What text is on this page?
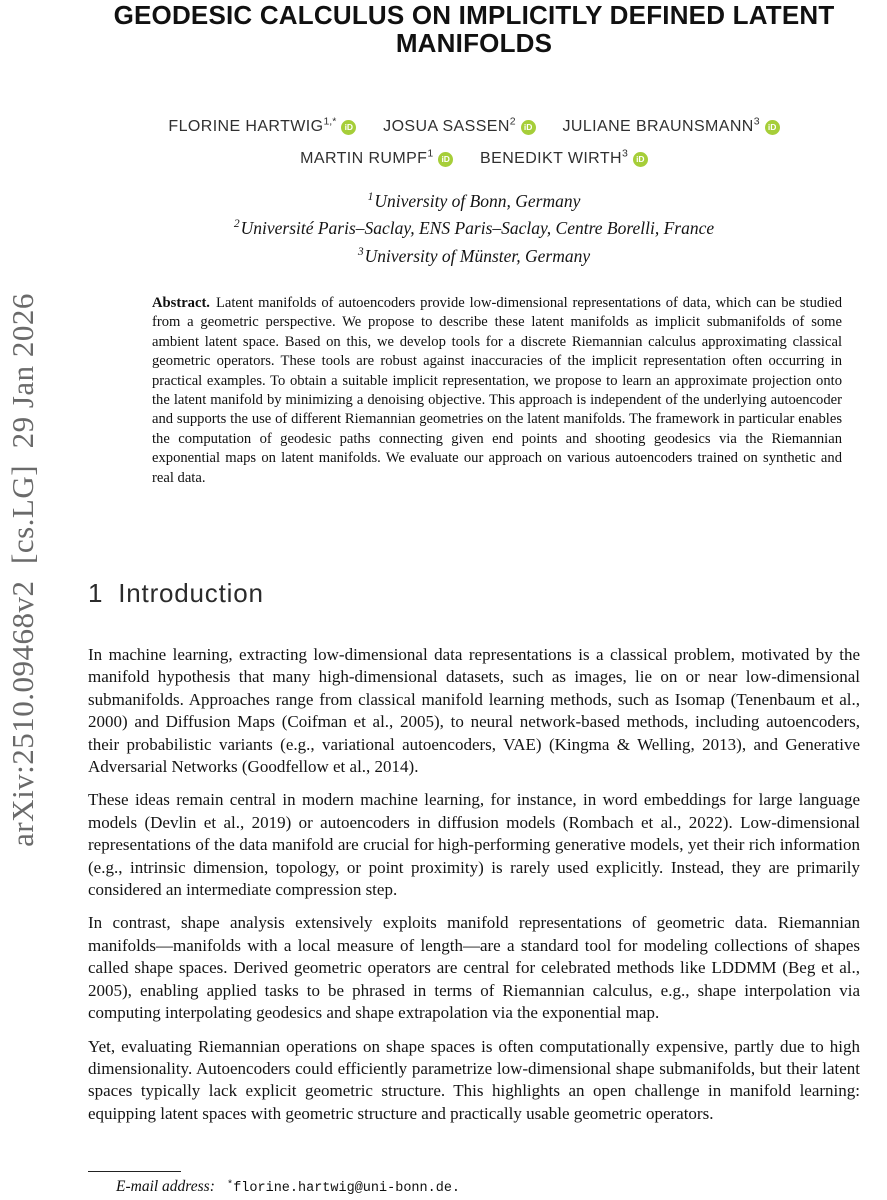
arXiv:2510.09468v2  [cs.LG]  29 Jan 2026
GEODESIC CALCULUS ON IMPLICITLY DEFINED LATENT
MANIFOLDS
FLORINE $HARTWIG^{1,*}$ iD JOSUA SASSEN$^2$ iD JULIANE BRAUNSMANN$^3$ iD
MARTIN RUMPF$^1$ iD BENEDIKT WIRTH$^3$ iD
$^1$University of Bonn, Germany
$^2$Université Paris–Saclay, ENS Paris–Saclay, Centre Borelli, France
$^3$University of Münster, Germany
Abstract. Latent manifolds of autoencoders provide low-dimensional representations of data, which can be studied from a geometric perspective. We propose to describe these latent manifolds as implicit submanifolds of some ambient latent space. Based on this, we develop tools for a discrete Riemannian calculus approximating classical geometric operators. These tools are robust against inaccuracies of the implicit representation often occurring in practical examples. To obtain a suitable implicit representation, we propose to learn an approximate projection onto the latent manifold by minimizing a denoising objective. This approach is independent of the underlying autoencoder and supports the use of different Riemannian geometries on the latent manifolds. The framework in particular enables the computation of geodesic paths connecting given end points and shooting geodesics via the Riemannian exponential maps on latent manifolds. We evaluate our approach on various autoencoders trained on synthetic and real data.
1 Introduction

In machine learning, extracting low-dimensional data representations is a classical problem, motivated by the manifold hypothesis that many high-dimensional datasets, such as images, lie on or near low-dimensional submanifolds. Approaches range from classical manifold learning methods, such as Isomap (Tenenbaum et al., 2000) and Diffusion Maps (Coifman et al., 2005), to neural network-based methods, including autoencoders, their probabilistic variants (e.g., variational autoencoders, VAE) (Kingma & Welling, 2013), and Generative Adversarial Networks (Goodfellow et al., 2014).

These ideas remain central in modern machine learning, for instance, in word embeddings for large language models (Devlin et al., 2019) or autoencoders in diffusion models (Rombach et al., 2022). Low-dimensional representations of the data manifold are crucial for high-performing generative models, yet their rich information (e.g., intrinsic dimension, topology, or point proximity) is rarely used explicitly. Instead, they are primarily considered an intermediate compression step.

In contrast, shape analysis extensively exploits manifold representations of geometric data. Riemannian manifolds—manifolds with a local measure of length—are a standard tool for modeling collections of shapes called shape spaces. Derived geometric operators are central for celebrated methods like LDDMM (Beg et al., 2005), enabling applied tasks to be phrased in terms of Riemannian calculus, e.g., shape interpolation via computing interpolating geodesics and shape extrapolation via the exponential map.

Yet, evaluating Riemannian operations on shape spaces is often computationally expensive, partly due to high dimensionality. Autoencoders could efficiently parametrize low-dimensional shape submanifolds, but their latent spaces typically lack explicit geometric structure. This highlights an open challenge in manifold learning: equipping latent spaces with geometric structure and practically usable geometric operators.

E-mail address: *florine.hartwig@uni-bonn.de.
